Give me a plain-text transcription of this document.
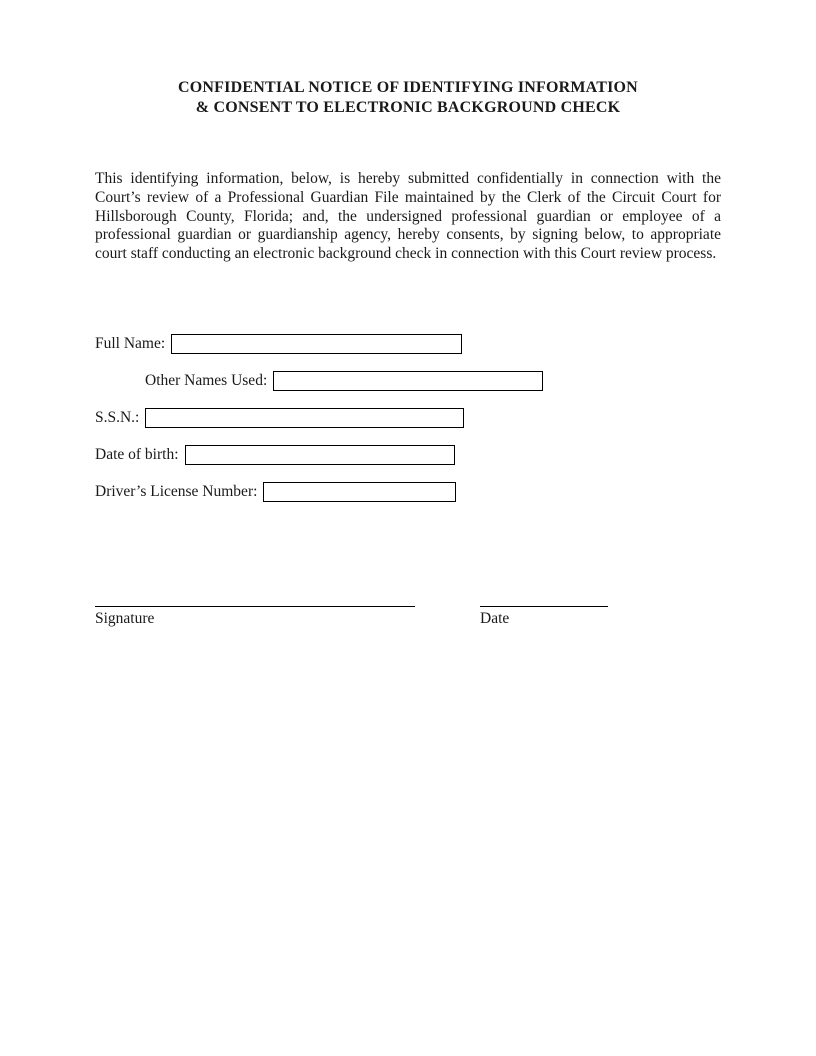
CONFIDENTIAL NOTICE OF IDENTIFYING INFORMATION
& CONSENT TO ELECTRONIC BACKGROUND CHECK

This identifying information, below, is hereby submitted confidentially in connection with the Court’s review of a Professional Guardian File maintained by the Clerk of the Circuit Court for Hillsborough County, Florida; and, the undersigned professional guardian or employee of a professional guardian or guardianship agency, hereby consents, by signing below, to appropriate court staff conducting an electronic background check in connection with this Court review process.

Full Name:
Other Names Used:
S.S.N.:
Date of birth:
Driver’s License Number:
Signature	Date
